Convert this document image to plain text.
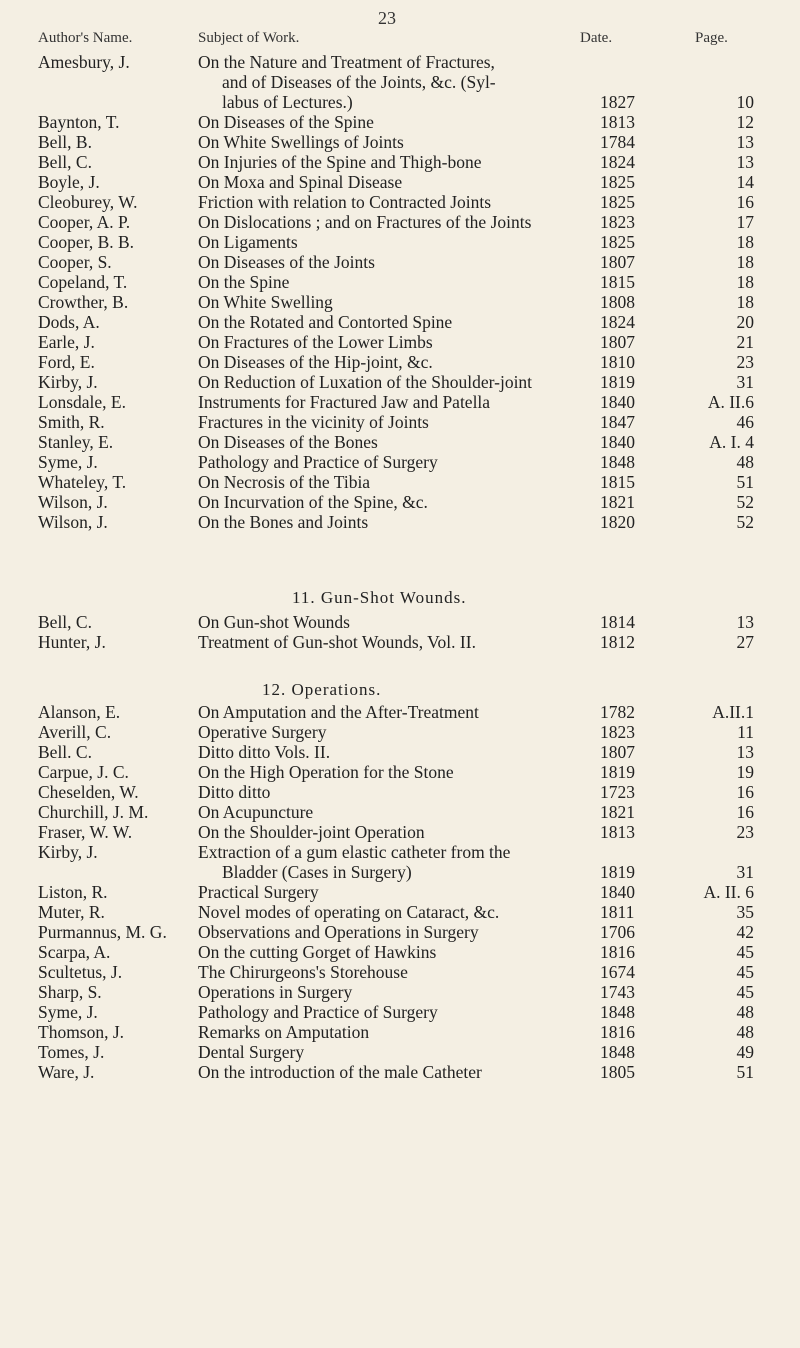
23
Author's Name.	Subject of Work.	Date.	Page.
Amesbury, J.	On the Nature and Treatment of Fractures,
and of Diseases of the Joints, &c. (Syl-
labus of Lectures.)	1827	10
Baynton, T.	On Diseases of the Spine	1813	12
Bell, B.	On White Swellings of Joints	1784	13
Bell, C.	On Injuries of the Spine and Thigh-bone	1824	13
Boyle, J.	On Moxa and Spinal Disease	1825	14
Cleoburey, W.	Friction with relation to Contracted Joints	1825	16
Cooper, A. P.	On Dislocations ; and on Fractures of the Joints	1823	17
Cooper, B. B.	On Ligaments	1825	18
Cooper, S.	On Diseases of the Joints	1807	18
Copeland, T.	On the Spine	1815	18
Crowther, B.	On White Swelling	1808	18
Dods, A.	On the Rotated and Contorted Spine	1824	20
Earle, J.	On Fractures of the Lower Limbs	1807	21
Ford, E.	On Diseases of the Hip-joint, &c.	1810	23
Kirby, J.	On Reduction of Luxation of the Shoulder-joint	1819	31
Lonsdale, E.	Instruments for Fractured Jaw and Patella	1840	A. II.6
Smith, R.	Fractures in the vicinity of Joints	1847	46
Stanley, E.	On Diseases of the Bones	1840	A. I. 4
Syme, J.	Pathology and Practice of Surgery	1848	48
Whateley, T.	On Necrosis of the Tibia	1815	51
Wilson, J.	On Incurvation of the Spine, &c.	1821	52
Wilson, J.	On the Bones and Joints	1820	52
11. Gun-Shot Wounds.
Bell, C.	On Gun-shot Wounds	1814	13
Hunter, J.	Treatment of Gun-shot Wounds, Vol. II.	1812	27
12. Operations.
Alanson, E.	On Amputation and the After-Treatment	1782	A.II.1
Averill, C.	Operative Surgery	1823	11
Bell. C.	Ditto ditto Vols. II.	1807	13
Carpue, J. C.	On the High Operation for the Stone	1819	19
Cheselden, W.	Ditto ditto	1723	16
Churchill, J. M.	On Acupuncture	1821	16
Fraser, W. W.	On the Shoulder-joint Operation	1813	23
Kirby, J.	Extraction of a gum elastic catheter from the
Bladder (Cases in Surgery)	1819	31
Liston, R.	Practical Surgery	1840	A. II. 6
Muter, R.	Novel modes of operating on Cataract, &c.	1811	35
Purmannus, M. G.	Observations and Operations in Surgery	1706	42
Scarpa, A.	On the cutting Gorget of Hawkins	1816	45
Scultetus, J.	The Chirurgeons's Storehouse	1674	45
Sharp, S.	Operations in Surgery	1743	45
Syme, J.	Pathology and Practice of Surgery	1848	48
Thomson, J.	Remarks on Amputation	1816	48
Tomes, J.	Dental Surgery	1848	49
Ware, J.	On the introduction of the male Catheter	1805	51
